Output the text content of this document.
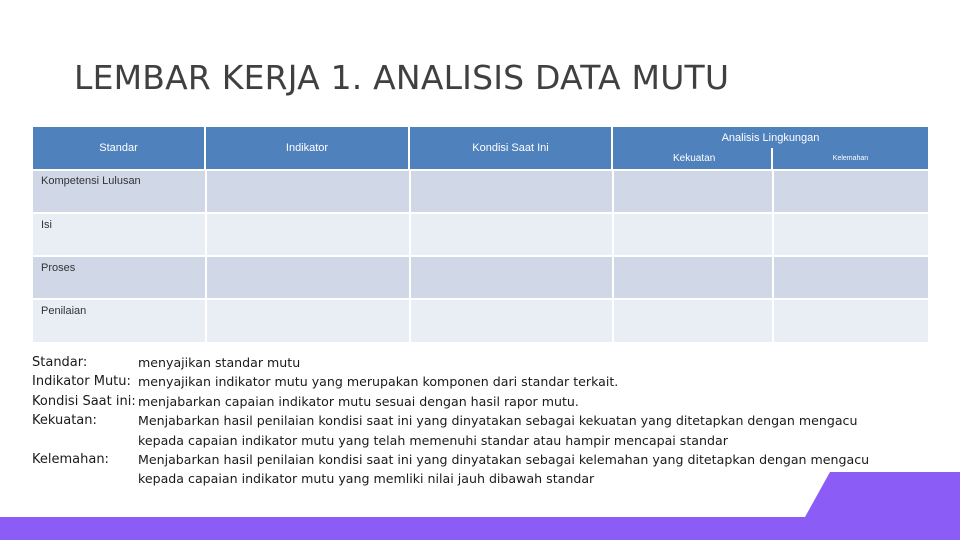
LEMBAR KERJA 1. ANALISIS DATA MUTU
Standar	Indikator	Kondisi Saat Ini
Analisis Lingkungan
Kekuatan	Kelemahan
Kompetensi Lulusan
Isi
Proses
Penilaian
Standar:	menyajikan standar mutu
Indikator Mutu: menyajikan indikator mutu yang merupakan komponen dari standar terkait.
Kondisi Saat ini: menjabarkan capaian indikator mutu sesuai dengan hasil rapor mutu.
Kekuatan:	Menjabarkan hasil penilaian kondisi saat ini yang dinyatakan sebagai kekuatan yang ditetapkan dengan mengacu
kepada capaian indikator mutu yang telah memenuhi standar atau hampir mencapai standar
Kelemahan:	Menjabarkan hasil penilaian kondisi saat ini yang dinyatakan sebagai kelemahan yang ditetapkan dengan mengacu
kepada capaian indikator mutu yang memliki nilai jauh dibawah standar
